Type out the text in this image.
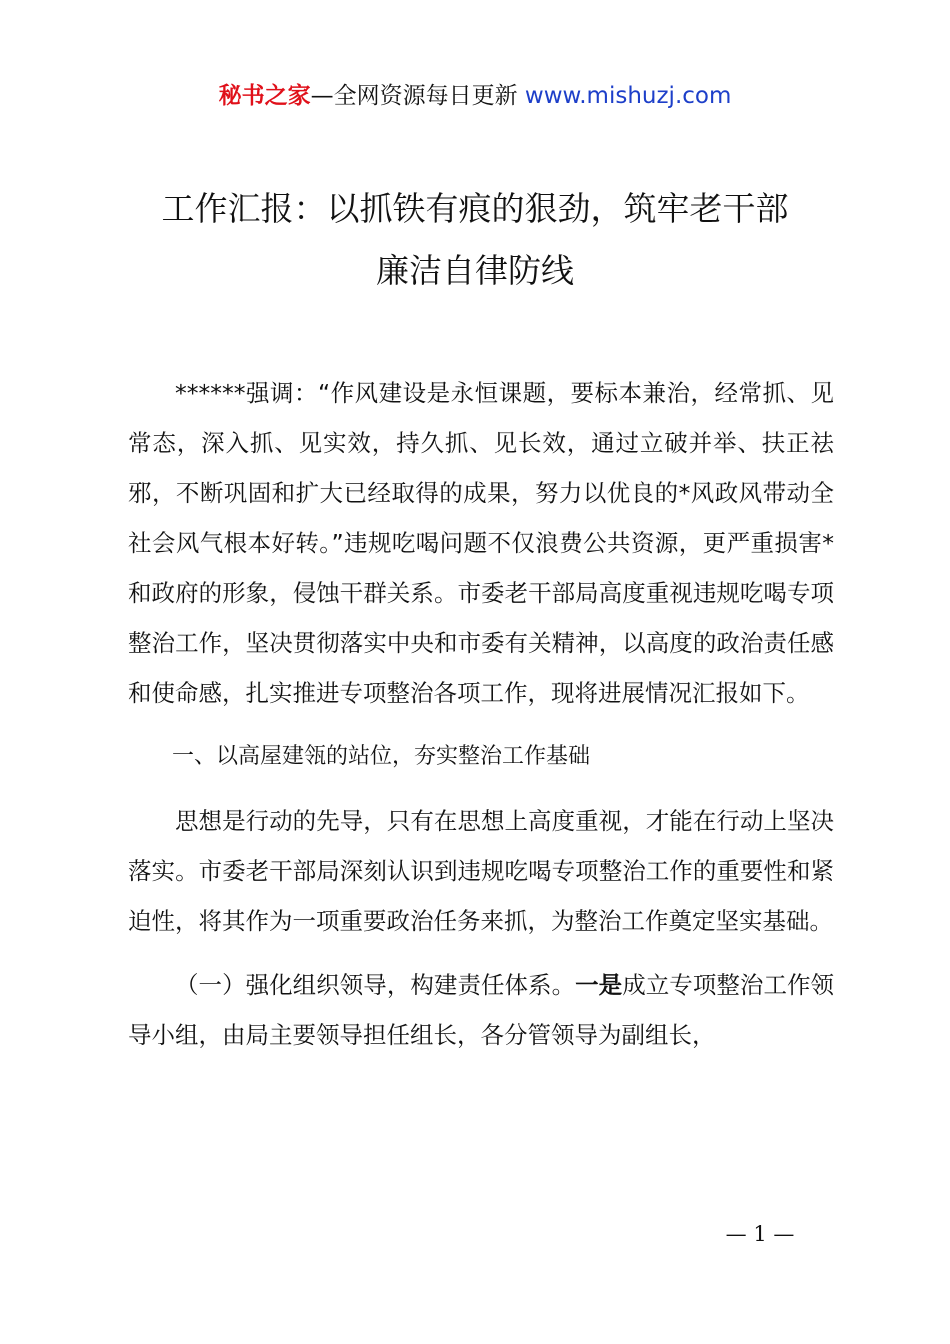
秘书之家—全网资源每日更新 www.mishuzj.com
工作汇报：以抓铁有痕的狠劲，筑牢老干部
廉洁自律防线

******强调：“作风建设是永恒课题，要标本兼治，经常抓、见常态，深入抓、见实效，持久抓、见长效，通过立破并举、扶正祛邪，不断巩固和扩大已经取得的成果，努力以优良的*风政风带动全社会风气根本好转。”违规吃喝问题不仅浪费公共资源，更严重损害*和政府的形象，侵蚀干群关系。市委老干部局高度重视违规吃喝专项整治工作，坚决贯彻落实中央和市委有关精神，以高度的政治责任感和使命感，扎实推进专项整治各项工作，现将进展情况汇报如下。

一、以高屋建瓴的站位，夯实整治工作基础

思想是行动的先导，只有在思想上高度重视，才能在行动上坚决落实。市委老干部局深刻认识到违规吃喝专项整治工作的重要性和紧迫性，将其作为一项重要政治任务来抓，为整治工作奠定坚实基础。

（一）强化组织领导，构建责任体系。一是成立专项整治工作领导小组，由局主要领导担任组长，各分管领导为副组长，

— 1 —
